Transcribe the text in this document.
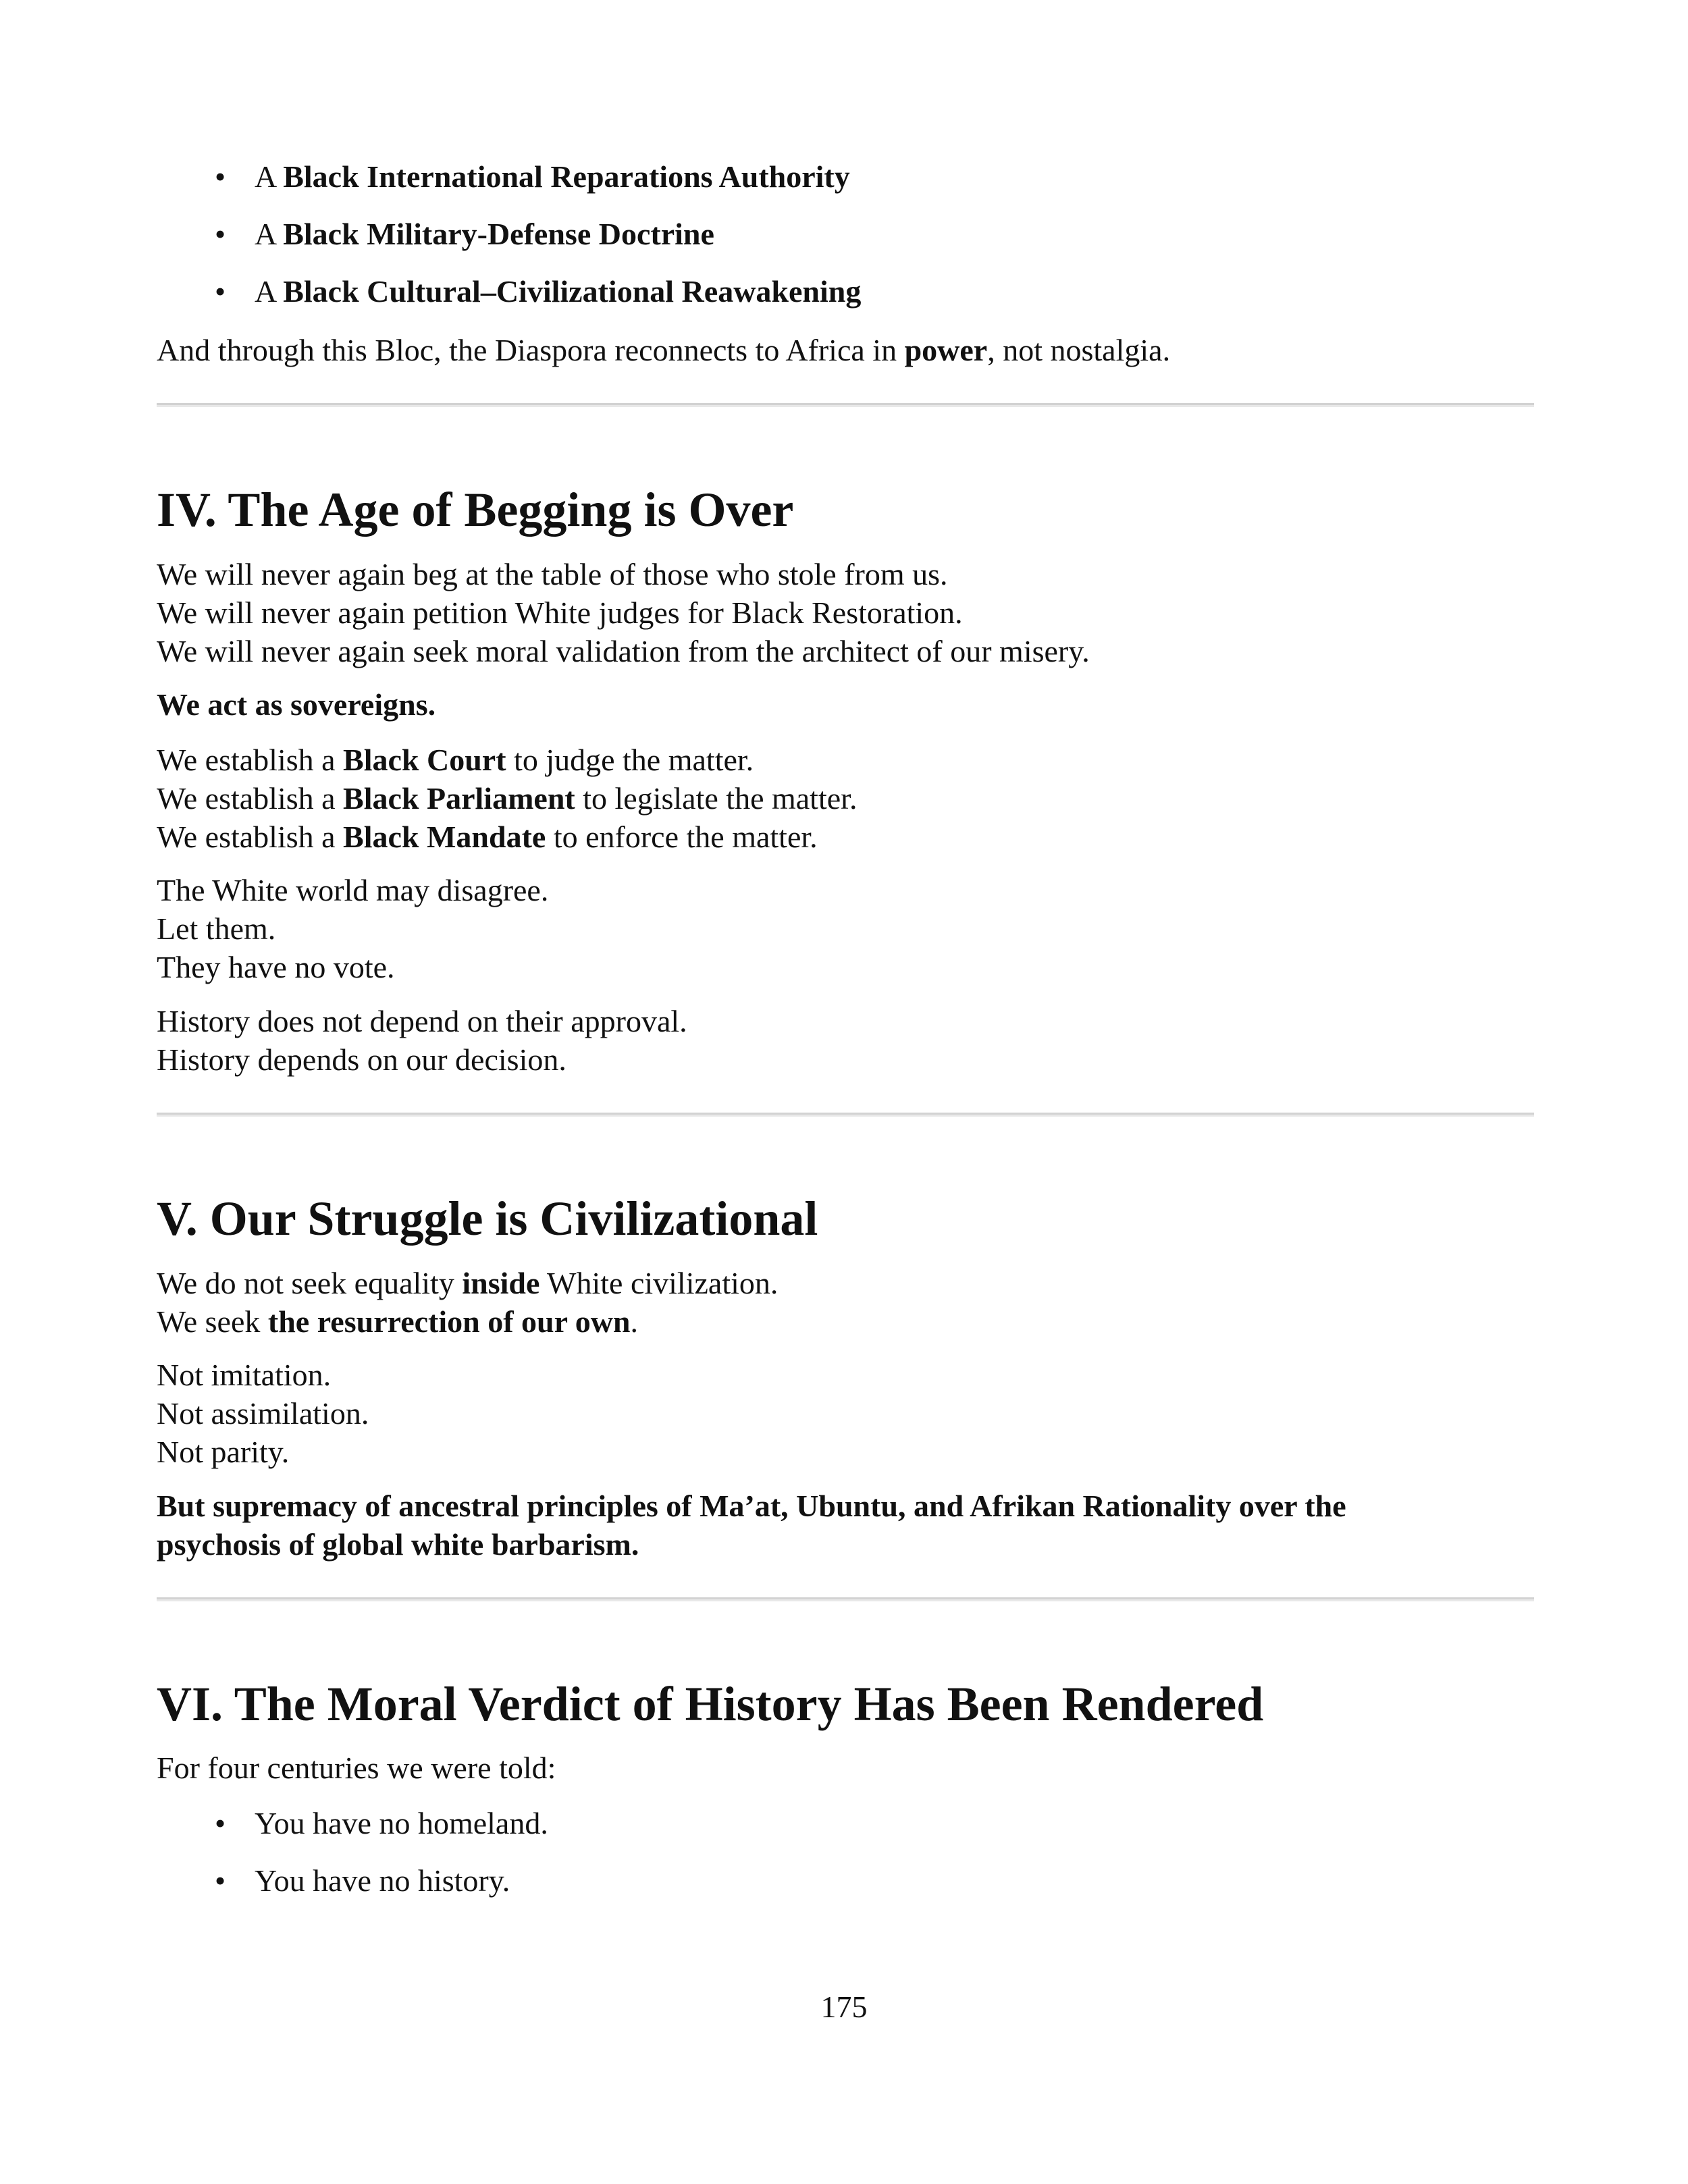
• A Black International Reparations Authority
• A Black Military-Defense Doctrine
• A Black Cultural–Civilizational Reawakening

And through this Bloc, the Diaspora reconnects to Africa in power, not nostalgia.

IV. The Age of Begging is Over

We will never again beg at the table of those who stole from us.
We will never again petition White judges for Black Restoration.
We will never again seek moral validation from the architect of our misery.

We act as sovereigns.

We establish a Black Court to judge the matter.
We establish a Black Parliament to legislate the matter.
We establish a Black Mandate to enforce the matter.

The White world may disagree.
Let them.
They have no vote.

History does not depend on their approval.
History depends on our decision.

V. Our Struggle is Civilizational

We do not seek equality inside White civilization.
We seek the resurrection of our own.

Not imitation.
Not assimilation.
Not parity.

But supremacy of ancestral principles of Ma’at, Ubuntu, and Afrikan Rationality over the
psychosis of global white barbarism.

VI. The Moral Verdict of History Has Been Rendered

For four centuries we were told:

• You have no homeland.
• You have no history.
175
